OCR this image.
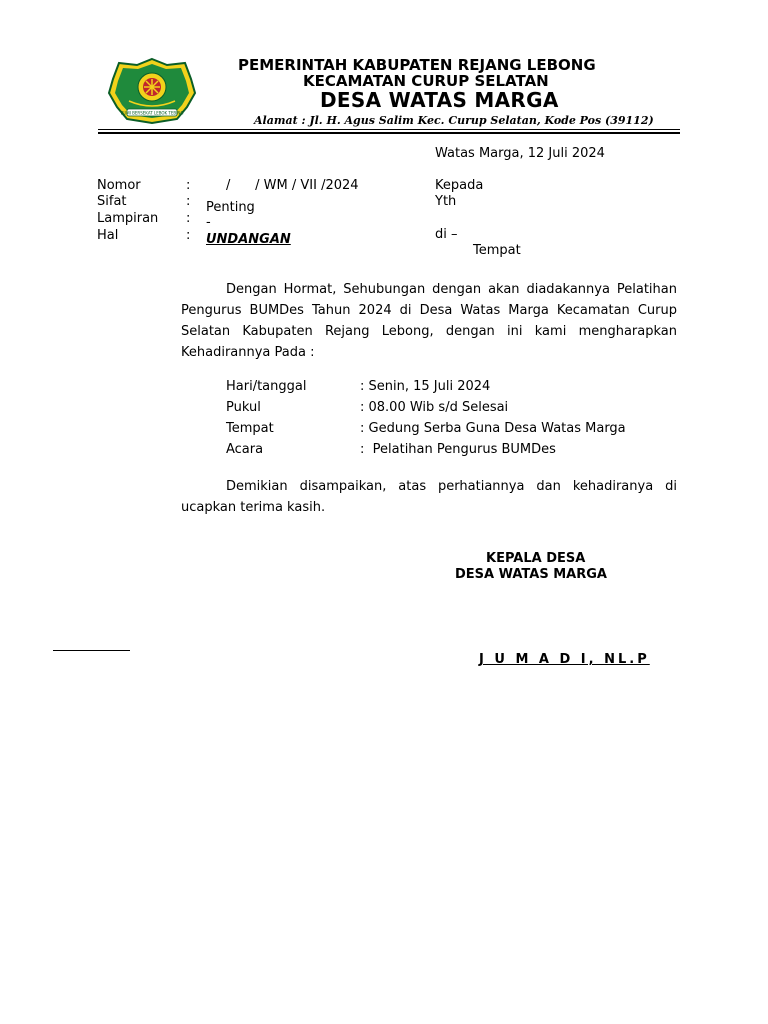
BUMI BERSEKAT LEBOK TEBING
PEMERINTAH KABUPATEN REJANG LEBONG
KECAMATAN CURUP SELATAN
DESA WATAS MARGA
Alamat : Jl. H. Agus Salim Kec. Curup Selatan, Kode Pos (39112)
Watas Marga, 12 Juli 2024
Nomor	:	/      / WM / VII /2024
Sifat	: Penting
Lampiran : -
Hal	: UNDANGAN
Kepada
Yth
di –
Tempat
Dengan Hormat, Sehubungan dengan akan diadakannya Pelatihan Pengurus BUMDes Tahun 2024 di Desa Watas Marga Kecamatan Curup Selatan Kabupaten Rejang Lebong, dengan ini kami mengharapkan Kehadirannya Pada :
Hari/tanggal	: Senin, 15 Juli 2024
Pukul	: 08.00 Wib s/d Selesai
Tempat	: Gedung Serba Guna Desa Watas Marga
Acara	:  Pelatihan Pengurus BUMDes
Demikian disampaikan, atas perhatiannya dan kehadiranya di ucapkan terima kasih.
KEPALA DESA
DESA WATAS MARGA
J U M A D I, NL.P
